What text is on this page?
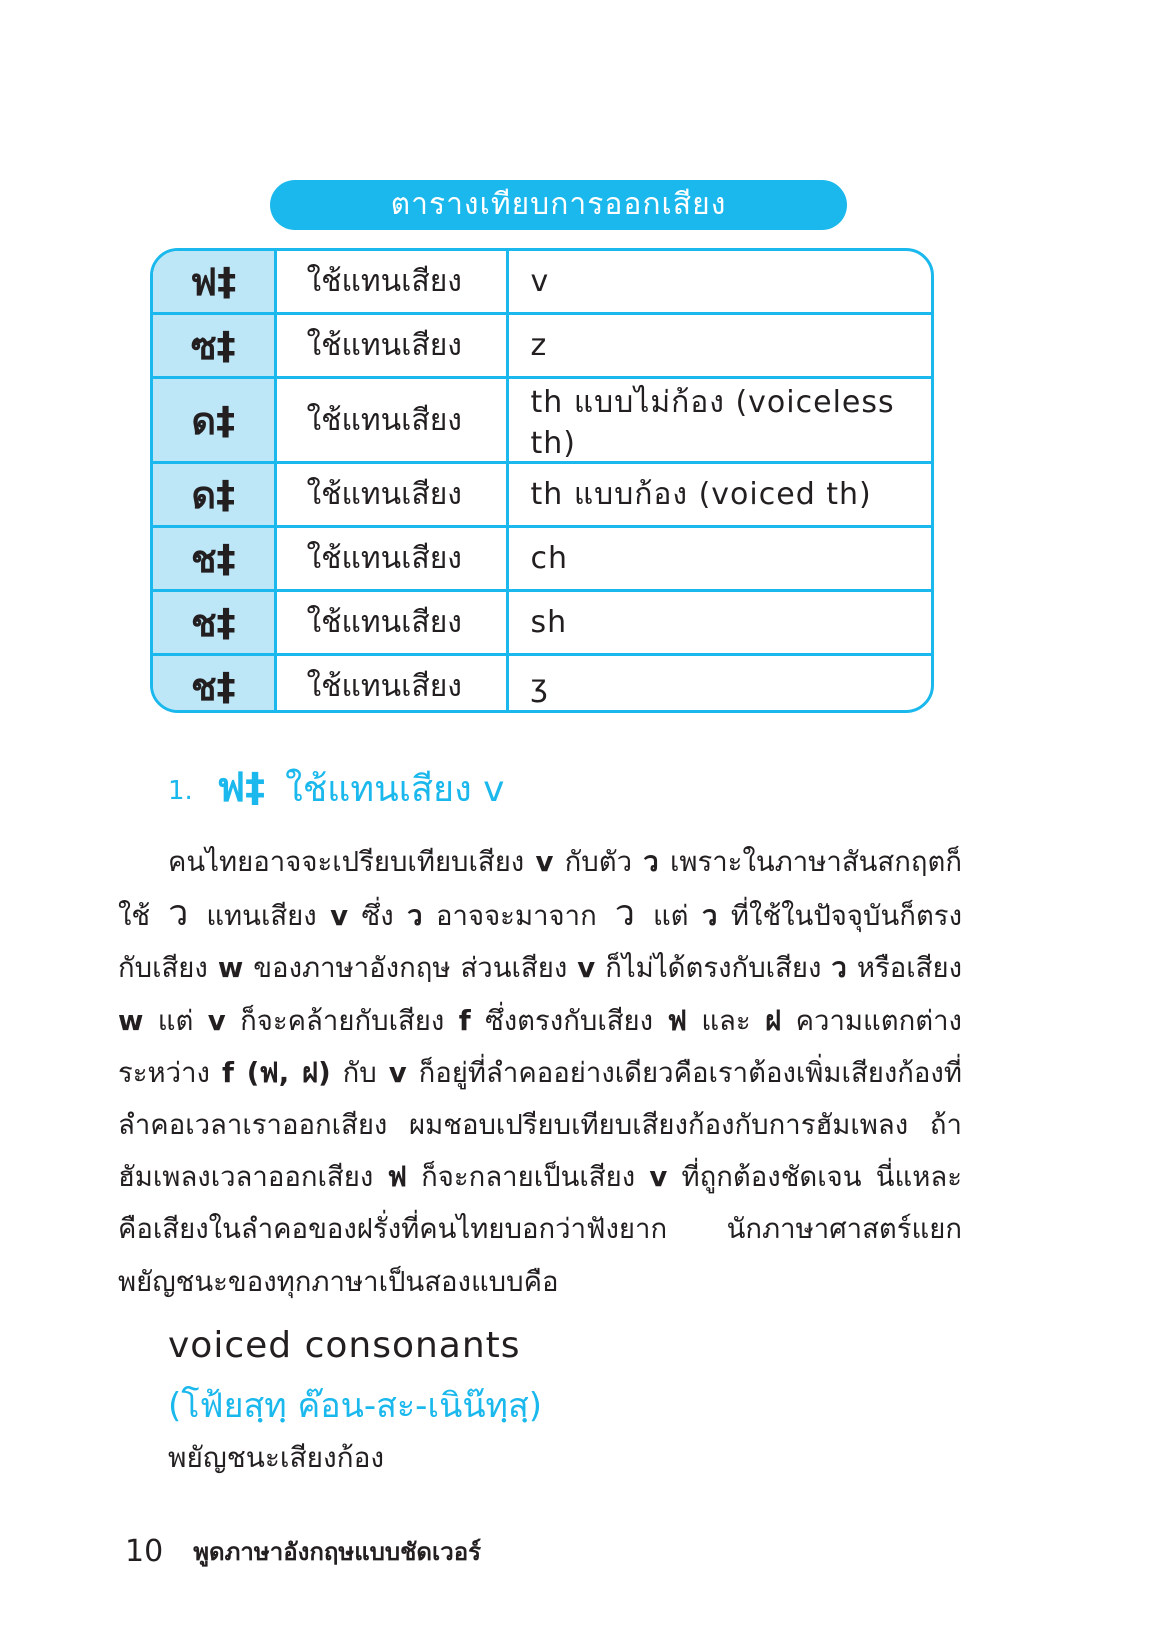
ตารางเทียบการออกเสียง
ฟ‡	ใช้แทนเสียง	v
ซ‡	ใช้แทนเสียง	z
ด‡	ใช้แทนเสียง	th แบบไม่ก้อง (voiceless th)
ด‡	ใช้แทนเสียง	th แบบก้อง (voiced th)
ช‡	ใช้แทนเสียง	ch
ช‡	ใช้แทนเสียง	sh
ช‡	ใช้แทนเสียง	ʒ
1. ฟ‡ ใช้แทนเสียง v

คนไทยอาจจะเปรียบเทียบเสียง v กับตัว ว เพราะในภาษาสันสกฤตก็ใช้ ว แทนเสียง v ซึ่ง ว อาจจะมาจาก ว แต่ ว ที่ใช้ในปัจจุบันก็ตรงกับเสียง w ของภาษาอังกฤษ ส่วนเสียง v ก็ไม่ได้ตรงกับเสียง ว หรือเสียง w แต่ v ก็จะคล้ายกับเสียง f ซึ่งตรงกับเสียง ฟ และ ฝ ความแตกต่างระหว่าง f (ฟ, ฝ) กับ v ก็อยู่ที่ลำคออย่างเดียวคือเราต้องเพิ่มเสียงก้องที่ลำคอเวลาเราออกเสียง ผมชอบเปรียบเทียบเสียงก้องกับการฮัมเพลง ถ้าฮัมเพลงเวลาออกเสียง ฟ ก็จะกลายเป็นเสียง v ที่ถูกต้องชัดเจน นี่แหละคือเสียงในลำคอของฝรั่งที่คนไทยบอกว่าฟังยาก นักภาษาศาสตร์แยกพยัญชนะของทุกภาษาเป็นสองแบบคือ

voiced consonants
(โฟ้ยสฺทฺ ค๊อน-สะ-เนิน๊ทฺสฺ)
พยัญชนะเสียงก้อง
10 พูดภาษาอังกฤษแบบชัดเวอร์
